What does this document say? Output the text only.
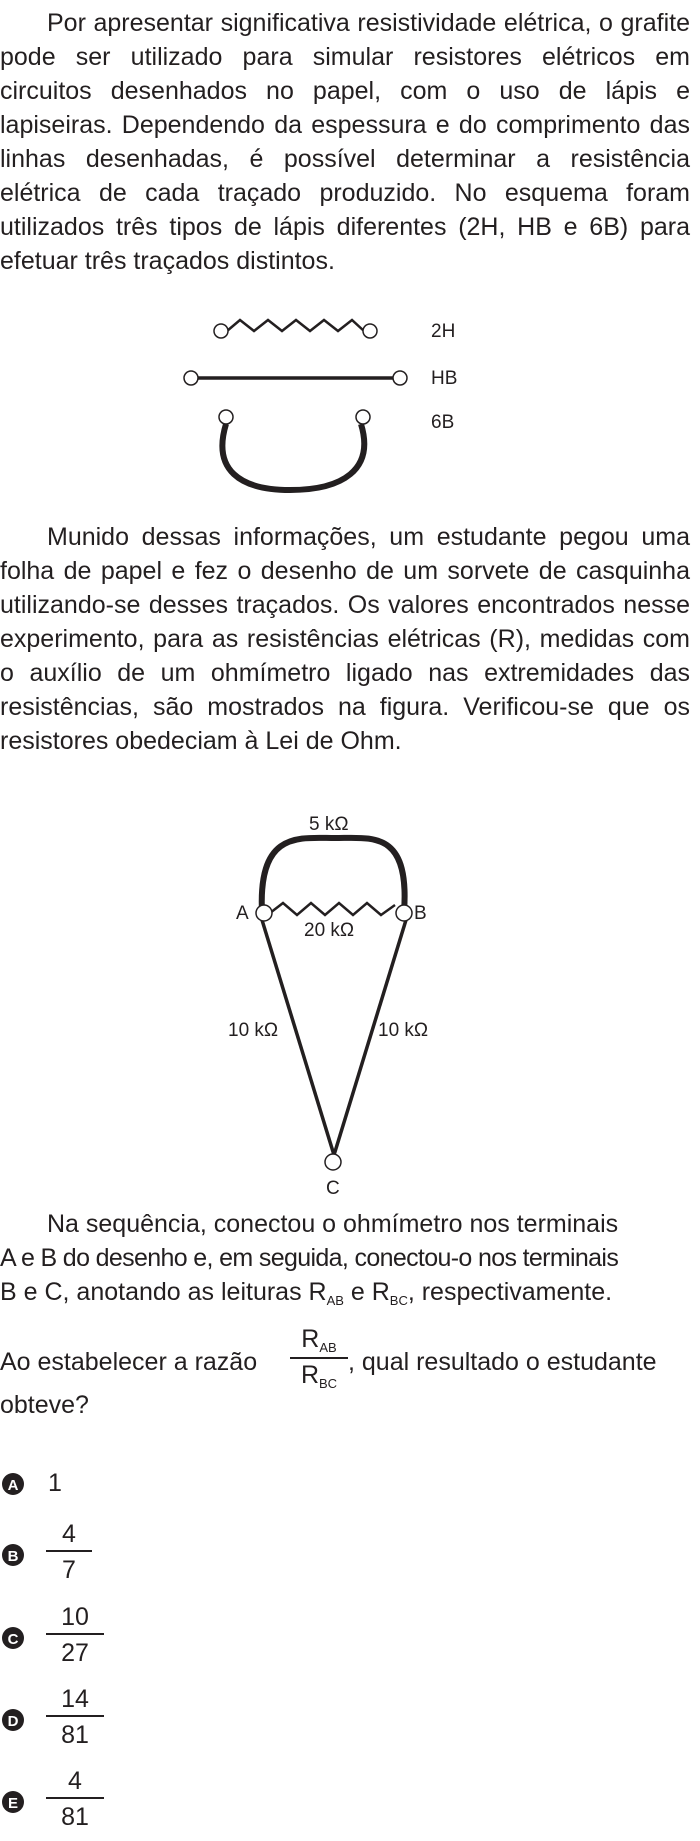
Por apresentar significativa resistividade elétrica, o grafite pode ser utilizado para simular resistores elétricos em circuitos desenhados no papel, com o uso de lápis e lapiseiras. Dependendo da espessura e do comprimento das linhas desenhadas, é possível determinar a resistência elétrica de cada traçado produzido. No esquema foram utilizados três tipos de lápis diferentes (2H, HB e 6B) para efetuar três traçados distintos.
2H
HB
6B
Munido dessas informações, um estudante pegou uma folha de papel e fez o desenho de um sorvete de casquinha utilizando-se desses traçados. Os valores encontrados nesse experimento, para as resistências elétricas (R), medidas com o auxílio de um ohmímetro ligado nas extremidades das resistências, são mostrados na figura. Verificou-se que os resistores obedeciam à Lei de Ohm.
5 kΩ
20 kΩ
10 kΩ	10 kΩ
A	B
C
Na sequência, conectou o ohmímetro nos terminais
A e B do desenho e, em seguida, conectou-o nos terminais
B e C, anotando as leituras $R_{AB}$ e $R_{BC}$, respectivamente.
Ao estabelecer a razão
$R_{AB}$
$R_{BC}$
, qual resultado o estudante
obteve?
A 1
B
4
7
C
10
27
D
14
81
E
4
81
